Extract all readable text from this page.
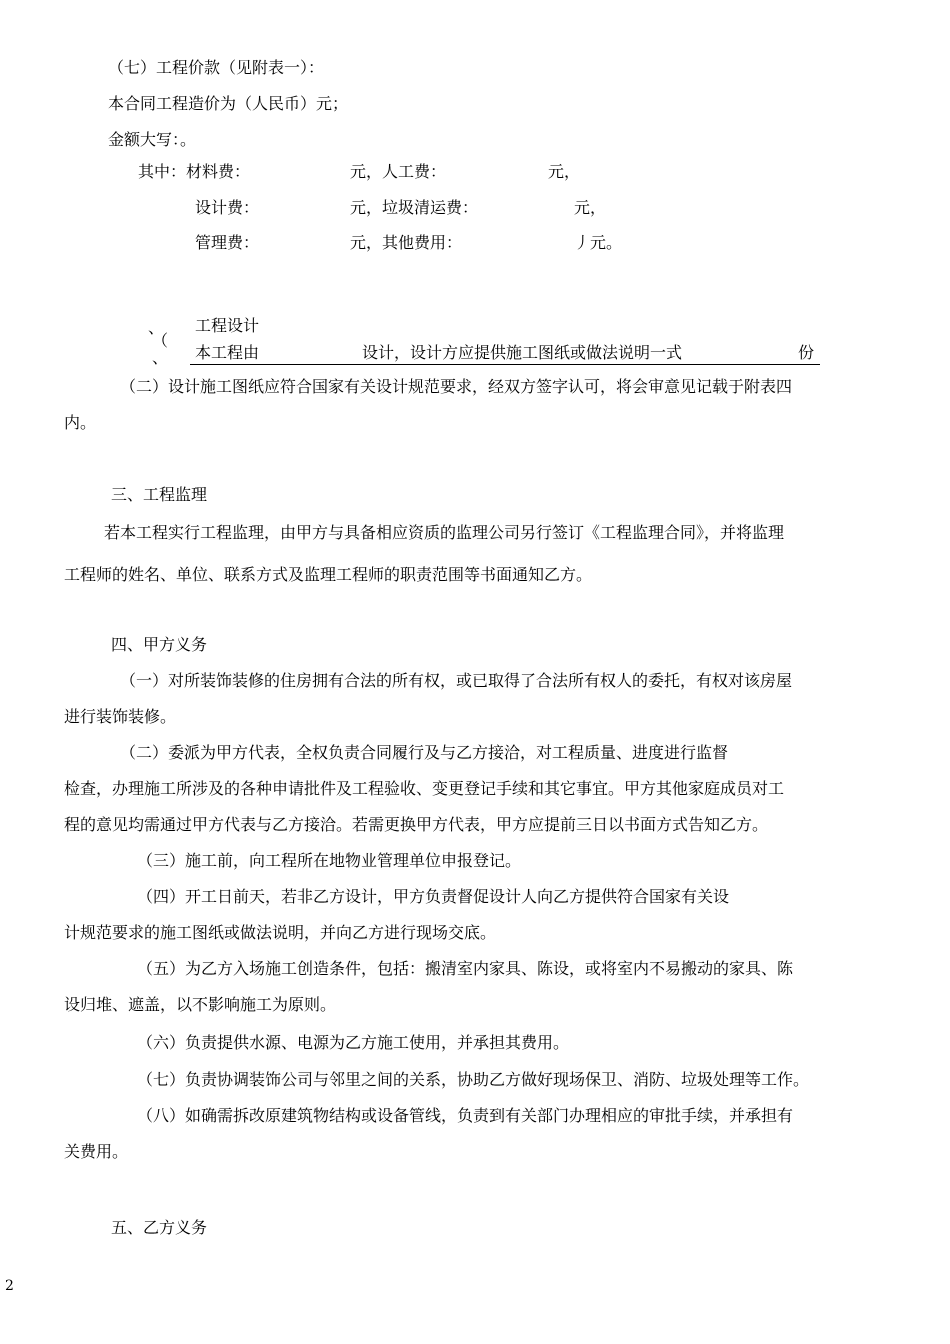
（七）工程价款（见附表一）：
本合同工程造价为（人民币）元；
金额大写：。
其中：材料费：	元，人工费：	元，
设计费：	元，垃圾清运费：	元，
管理费：	元，其他费用：	丿元。
、 工程设计
（
、 本工程由	设计，设计方应提供施工图纸或做法说明一式	份
（二）设计施工图纸应符合国家有关设计规范要求，经双方签字认可，将会审意见记载于附表四
内。
三、工程监理
若本工程实行工程监理，由甲方与具备相应资质的监理公司另行签订《工程监理合同》，并将监理
工程师的姓名、单位、联系方式及监理工程师的职责范围等书面通知乙方。
四、甲方义务
（一）对所装饰装修的住房拥有合法的所有权，或已取得了合法所有权人的委托，有权对该房屋
进行装饰装修。
（二）委派为甲方代表，全权负责合同履行及与乙方接洽，对工程质量、进度进行监督
检查，办理施工所涉及的各种申请批件及工程验收、变更登记手续和其它事宜。甲方其他家庭成员对工
程的意见均需通过甲方代表与乙方接洽。若需更换甲方代表，甲方应提前三日以书面方式告知乙方。
（三）施工前，向工程所在地物业管理单位申报登记。
（四）开工日前天，若非乙方设计，甲方负责督促设计人向乙方提供符合国家有关设
计规范要求的施工图纸或做法说明，并向乙方进行现场交底。
（五）为乙方入场施工创造条件，包括：搬清室内家具、陈设，或将室内不易搬动的家具、陈
设归堆、遮盖，以不影响施工为原则。
（六）负责提供水源、电源为乙方施工使用，并承担其费用。
（七）负责协调装饰公司与邻里之间的关系，协助乙方做好现场保卫、消防、垃圾处理等工作。
（八）如确需拆改原建筑物结构或设备管线，负责到有关部门办理相应的审批手续，并承担有
关费用。
五、乙方义务
2
